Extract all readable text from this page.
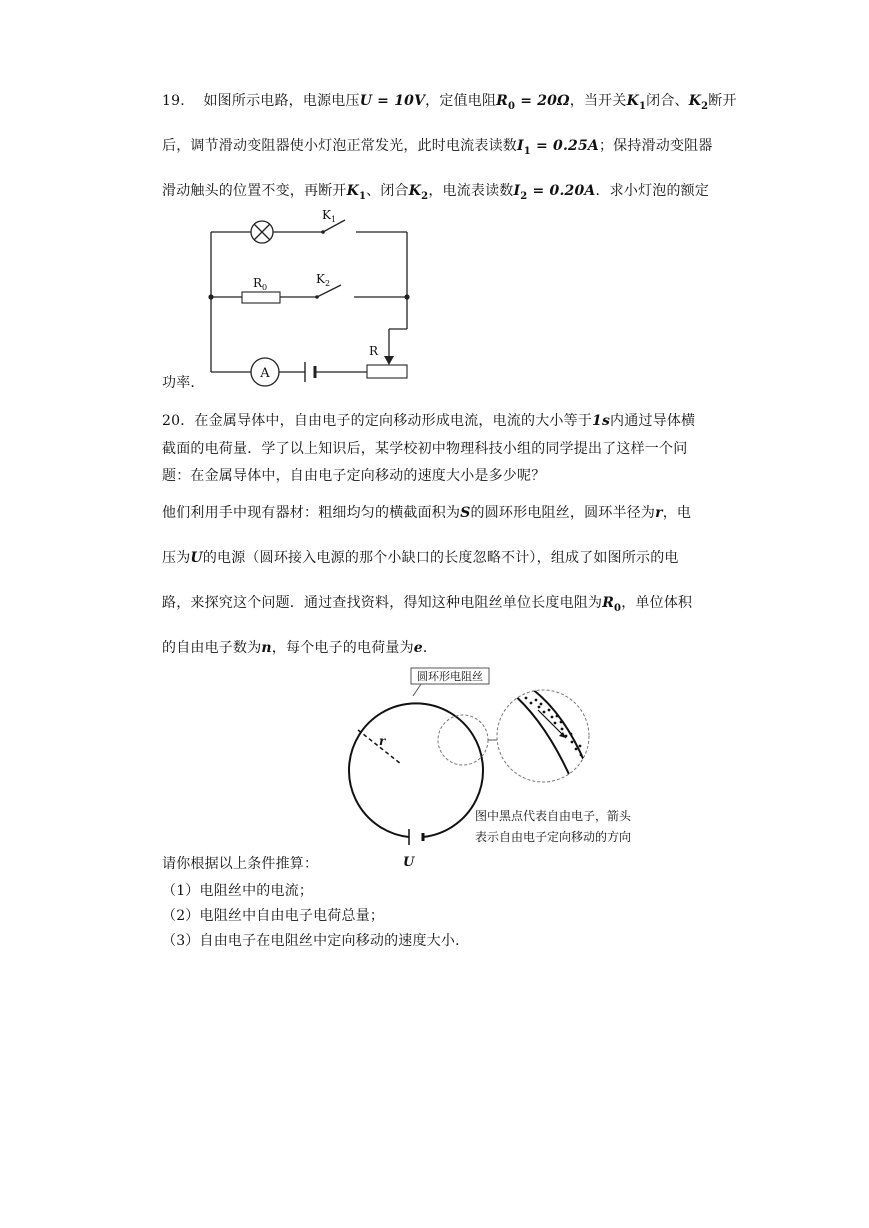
19. 如图所示电路，电源电压U = 10V，定值电阻$R_0 = 20\Omega$，当开关$K_1$闭合、$K_2$断开
后，调节滑动变阻器使小灯泡正常发光，此时电流表读数$I_1 = 0.25A$；保持滑动变阻器
滑动触头的位置不变，再断开$K_1$、闭合$K_2$，电流表读数$I_2 = 0.20A$．求小灯泡的额定
A
$K_1$
$R_0$
$K_2$
R
功率．
20．在金属导体中，自由电子的定向移动形成电流，电流的大小等于1s内通过导体横
截面的电荷量．学了以上知识后，某学校初中物理科技小组的同学提出了这样一个问
题：在金属导体中，自由电子定向移动的速度大小是多少呢？
他们利用手中现有器材：粗细均匀的横截面积为S的圆环形电阻丝，圆环半径为r，电
压为U的电源（圆环接入电源的那个小缺口的长度忽略不计），组成了如图所示的电
路，来探究这个问题．通过查找资料，得知这种电阻丝单位长度电阻为$R_0$，单位体积
的自由电子数为n，每个电子的电荷量为e．
圆环形电阻丝
r
U
图中黑点代表自由电子，箭头
表示自由电子定向移动的方向
请你根据以上条件推算：
（1）电阻丝中的电流；
（2）电阻丝中自由电子电荷总量；
（3）自由电子在电阻丝中定向移动的速度大小．
